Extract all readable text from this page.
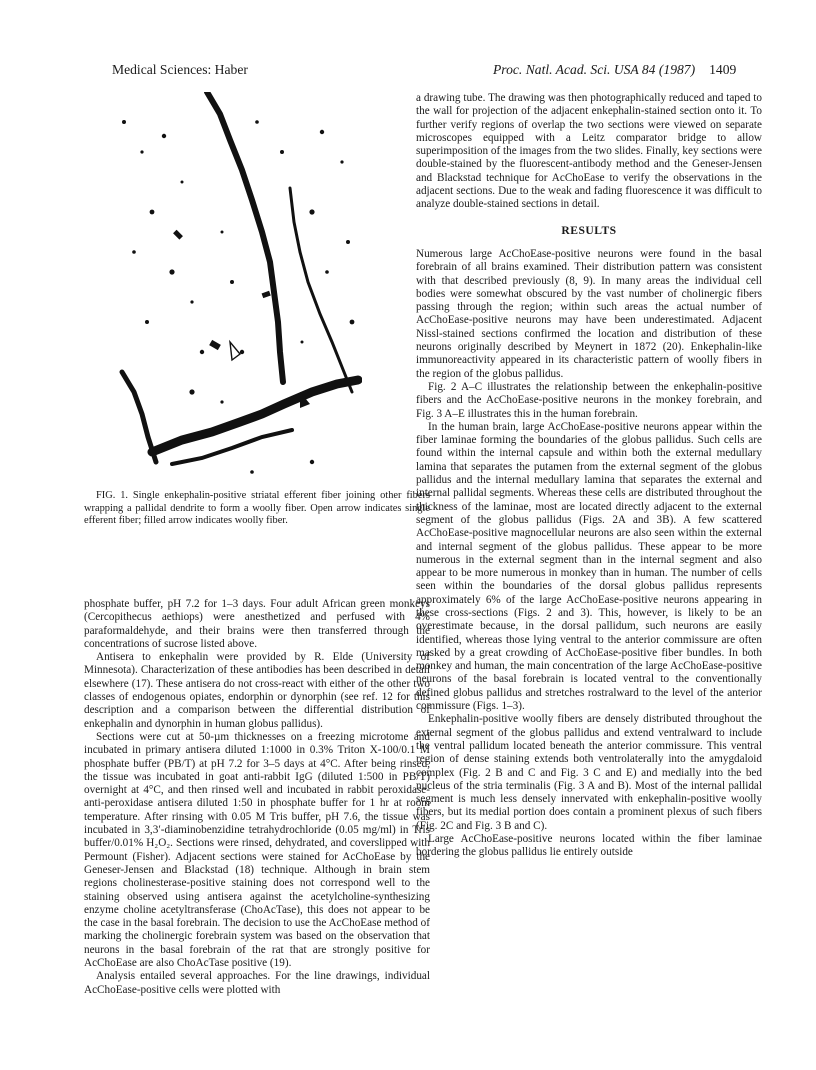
Medical Sciences: Haber	Proc. Natl. Acad. Sci. USA 84 (1987) 1409
FIG. 1. Single enkephalin-positive striatal efferent fiber joining other fibers wrapping a pallidal dendrite to form a woolly fiber. Open arrow indicates single efferent fiber; filled arrow indicates woolly fiber.

phosphate buffer, pH 7.2 for 1–3 days. Four adult African green monkeys (Cercopithecus aethiops) were anesthetized and perfused with 4% paraformaldehyde, and their brains were then transferred through the concentrations of sucrose listed above.

Antisera to enkephalin were provided by R. Elde (University of Minnesota). Characterization of these antibodies has been described in detail elsewhere (17). These antisera do not cross-react with either of the other two classes of endogenous opiates, endorphin or dynorphin (see ref. 12 for this description and a comparison between the differential distribution of enkephalin and dynorphin in human globus pallidus).

Sections were cut at 50-µm thicknesses on a freezing microtome and incubated in primary antisera diluted 1:1000 in 0.3% Triton X-100/0.1 M phosphate buffer (PB/T) at pH 7.2 for 3–5 days at 4°C. After being rinsed, the tissue was incubated in goat anti-rabbit IgG (diluted 1:500 in PB/T) overnight at 4°C, and then rinsed well and incubated in rabbit peroxidase-anti-peroxidase antisera diluted 1:50 in phosphate buffer for 1 hr at room temperature. After rinsing with 0.05 M Tris buffer, pH 7.6, the tissue was incubated in 3,3′-diaminobenzidine tetrahydrochloride (0.05 mg/ml) in Tris buffer/0.01% H₂O₂. Sections were rinsed, dehydrated, and coverslipped with Permount (Fisher). Adjacent sections were stained for AcChoEase by the Geneser-Jensen and Blackstad (18) technique. Although in brain stem regions cholinesterase-positive staining does not correspond well to the staining observed using antisera against the acetylcholine-synthesizing enzyme choline acetyltransferase (ChoAcTase), this does not appear to be the case in the basal forebrain. The decision to use the AcChoEase method of marking the cholinergic forebrain system was based on the observation that neurons in the basal forebrain of the rat that are strongly positive for AcChoEase are also ChoAcTase positive (19).

Analysis entailed several approaches. For the line drawings, individual AcChoEase-positive cells were plotted with

a drawing tube. The drawing was then photographically reduced and taped to the wall for projection of the adjacent enkephalin-stained section onto it. To further verify regions of overlap the two sections were viewed on separate microscopes equipped with a Leitz comparator bridge to allow superimposition of the images from the two slides. Finally, key sections were double-stained by the fluorescent-antibody method and the Geneser-Jensen and Blackstad technique for AcChoEase to verify the observations in the adjacent sections. Due to the weak and fading fluorescence it was difficult to analyze double-stained sections in detail.

RESULTS

Numerous large AcChoEase-positive neurons were found in the basal forebrain of all brains examined. Their distribution pattern was consistent with that described previously (8, 9). In many areas the individual cell bodies were somewhat obscured by the vast number of cholinergic fibers passing through the region; within such areas the actual number of AcChoEase-positive neurons may have been underestimated. Adjacent Nissl-stained sections confirmed the location and distribution of these neurons originally described by Meynert in 1872 (20). Enkephalin-like immunoreactivity appeared in its characteristic pattern of woolly fibers in the region of the globus pallidus.

Fig. 2 A–C illustrates the relationship between the enkephalin-positive fibers and the AcChoEase-positive neurons in the monkey forebrain, and Fig. 3 A–E illustrates this in the human forebrain.

In the human brain, large AcChoEase-positive neurons appear within the fiber laminae forming the boundaries of the globus pallidus. Such cells are found within the internal capsule and within both the external medullary lamina that separates the putamen from the external segment of the globus pallidus and the internal medullary lamina that separates the external and internal pallidal segments. Whereas these cells are distributed throughout the thickness of the laminae, most are located directly adjacent to the external segment of the globus pallidus (Figs. 2A and 3B). A few scattered AcChoEase-positive magnocellular neurons are also seen within the external and internal segment of the globus pallidus. These appear to be more numerous in the external segment than in the internal segment and also appear to be more numerous in monkey than in human. The number of cells seen within the boundaries of the dorsal globus pallidus represents approximately 6% of the large AcChoEase-positive neurons appearing in these cross-sections (Figs. 2 and 3). This, however, is likely to be an overestimate because, in the dorsal pallidum, such neurons are easily identified, whereas those lying ventral to the anterior commissure are often masked by a great crowding of AcChoEase-positive fiber bundles. In both monkey and human, the main concentration of the large AcChoEase-positive neurons of the basal forebrain is located ventral to the conventionally defined globus pallidus and stretches rostralward to the level of the anterior commissure (Figs. 1–3).

Enkephalin-positive woolly fibers are densely distributed throughout the external segment of the globus pallidus and extend ventralward to include the ventral pallidum located beneath the anterior commissure. This ventral region of dense staining extends both ventrolaterally into the amygdaloid complex (Fig. 2 B and C and Fig. 3 C and E) and medially into the bed nucleus of the stria terminalis (Fig. 3 A and B). Most of the internal pallidal segment is much less densely innervated with enkephalin-positive woolly fibers, but its medial portion does contain a prominent plexus of such fibers (Fig. 2C and Fig. 3 B and C).

Large AcChoEase-positive neurons located within the fiber laminae bordering the globus pallidus lie entirely outside
